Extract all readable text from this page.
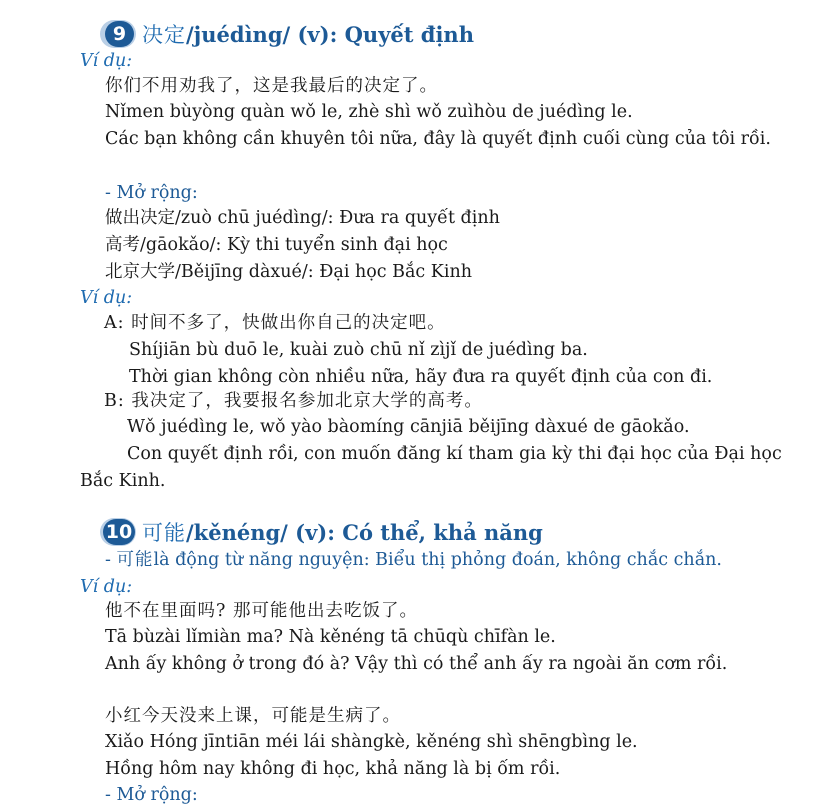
9 决定/juédìng/ (v): Quyết định
Ví dụ:
你们不用劝我了，这是我最后的决定了。
Nǐmen bùyòng quàn wǒ le, zhè shì wǒ zuìhòu de juédìng le.
Các bạn không cần khuyên tôi nữa, đây là quyết định cuối cùng của tôi rồi.
- Mở rộng:
做出决定/zuò chū juédìng/: Đưa ra quyết định
高考/gāokǎo/: Kỳ thi tuyển sinh đại học
北京大学/Běijīng dàxué/: Đại học Bắc Kinh
Ví dụ:
A: 时间不多了，快做出你自己的决定吧。
Shíjiān bù duō le, kuài zuò chū nǐ zìjǐ de juédìng ba.
Thời gian không còn nhiều nữa, hãy đưa ra quyết định của con đi.
B: 我决定了，我要报名参加北京大学的高考。
Wǒ juédìng le, wǒ yào bàomíng cānjiā běijīng dàxué de gāokǎo.
Con quyết định rồi, con muốn đăng kí tham gia kỳ thi đại học của Đại học
Bắc Kinh.
10 可能/kěnéng/ (v): Có thể, khả năng
- 可能là động từ năng nguyện: Biểu thị phỏng đoán, không chắc chắn.
Ví dụ:
他不在里面吗? 那可能他出去吃饭了。
Tā bùzài lǐmiàn ma? Nà kěnéng tā chūqù chīfàn le.
Anh ấy không ở trong đó à? Vậy thì có thể anh ấy ra ngoài ăn cơm rồi.
小红今天没来上课，可能是生病了。
Xiǎo Hóng jīntiān méi lái shàngkè, kěnéng shì shēngbìng le.
Hồng hôm nay không đi học, khả năng là bị ốm rồi.
- Mở rộng:
